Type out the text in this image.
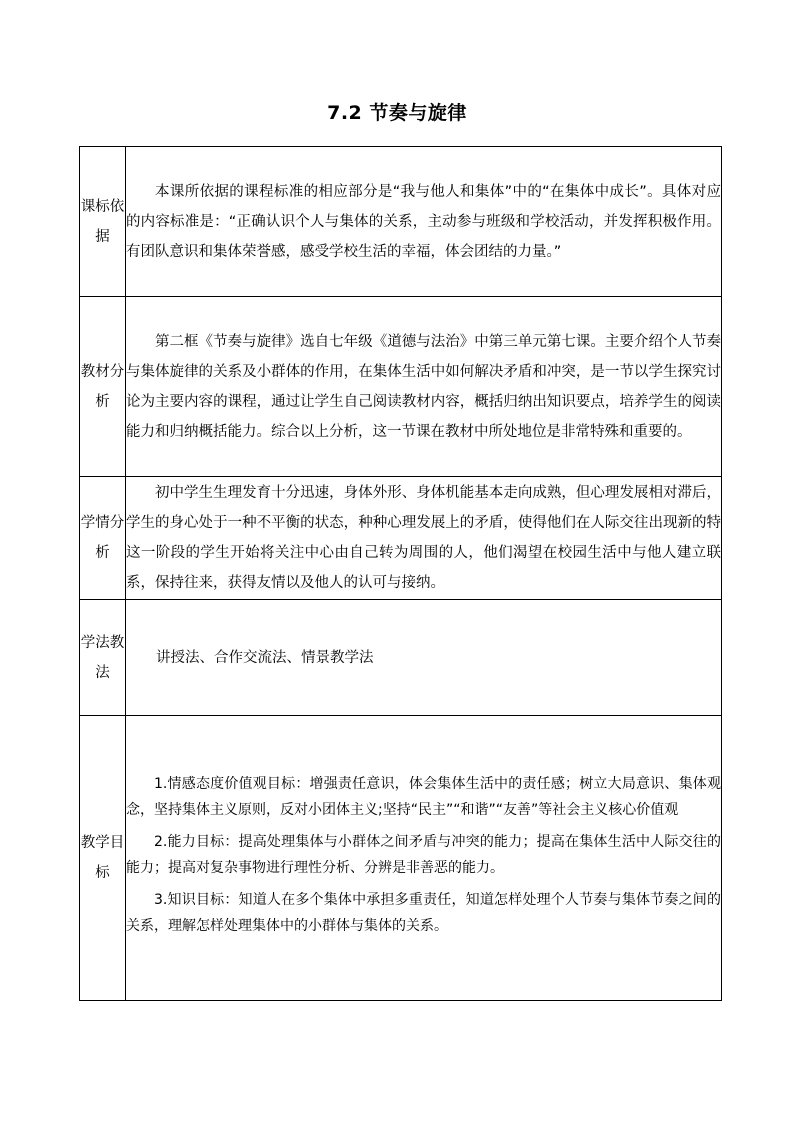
7.2 节奏与旋律
课标依据	本课所依据的课程标准的相应部分是“我与他人和集体”中的“在集体中成长”。具体对应的内容标准是：“正确认识个人与集体的关系，主动参与班级和学校活动，并发挥积极作用。有团队意识和集体荣誉感，感受学校生活的幸福，体会团结的力量。”

教材分析	第二框《节奏与旋律》选自七年级《道德与法治》中第三单元第七课。主要介绍个人节奏与集体旋律的关系及小群体的作用，在集体生活中如何解决矛盾和冲突，是一节以学生探究讨论为主要内容的课程，通过让学生自己阅读教材内容，概括归纳出知识要点，培养学生的阅读能力和归纳概括能力。综合以上分析，这一节课在教材中所处地位是非常特殊和重要的。

学情分析	初中学生生理发育十分迅速，身体外形、身体机能基本走向成熟，但心理发展相对滞后，学生的身心处于一种不平衡的状态，种种心理发展上的矛盾，使得他们在人际交往出现新的特这一阶段的学生开始将关注中心由自己转为周围的人，他们渴望在校园生活中与他人建立联系，保持往来，获得友情以及他人的认可与接纳。

学法教法	讲授法、合作交流法、情景教学法

教学目标	1.情感态度价值观目标：增强责任意识，体会集体生活中的责任感；树立大局意识、集体观念，坚持集体主义原则，反对小团体主义;坚持“民主”“和谐”“友善”等社会主义核心价值观

2.能力目标：提高处理集体与小群体之间矛盾与冲突的能力；提高在集体生活中人际交往的能力；提高对复杂事物进行理性分析、分辨是非善恶的能力。

3.知识目标：知道人在多个集体中承担多重责任，知道怎样处理个人节奏与集体节奏之间的关系，理解怎样处理集体中的小群体与集体的关系。
